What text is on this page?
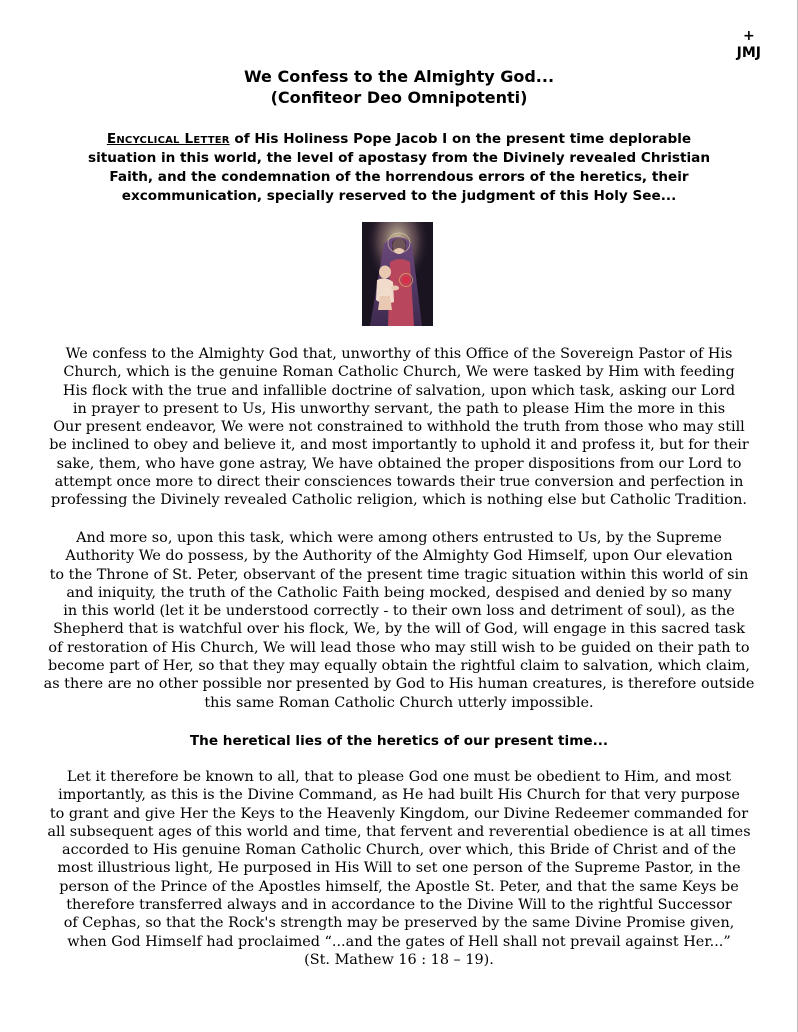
+
JMJ
We Confess to the Almighty God...
(Confiteor Deo Omnipotenti)
Encyclical Letter of His Holiness Pope Jacob I on the present time deplorable
situation in this world, the level of apostasy from the Divinely revealed Christian
Faith, and the condemnation of the horrendous errors of the heretics, their
excommunication, specially reserved to the judgment of this Holy See...
We confess to the Almighty God that, unworthy of this Office of the Sovereign Pastor of His
Church, which is the genuine Roman Catholic Church, We were tasked by Him with feeding
His flock with the true and infallible doctrine of salvation, upon which task, asking our Lord
in prayer to present to Us, His unworthy servant, the path to please Him the more in this
Our present endeavor, We were not constrained to withhold the truth from those who may still
be inclined to obey and believe it, and most importantly to uphold it and profess it, but for their
sake, them, who have gone astray, We have obtained the proper dispositions from our Lord to
attempt once more to direct their consciences towards their true conversion and perfection in
professing the Divinely revealed Catholic religion, which is nothing else but Catholic Tradition.
And more so, upon this task, which were among others entrusted to Us, by the Supreme
Authority We do possess, by the Authority of the Almighty God Himself, upon Our elevation
to the Throne of St. Peter, observant of the present time tragic situation within this world of sin
and iniquity, the truth of the Catholic Faith being mocked, despised and denied by so many
in this world (let it be understood correctly - to their own loss and detriment of soul), as the
Shepherd that is watchful over his flock, We, by the will of God, will engage in this sacred task
of restoration of His Church, We will lead those who may still wish to be guided on their path to
become part of Her, so that they may equally obtain the rightful claim to salvation, which claim,
as there are no other possible nor presented by God to His human creatures, is therefore outside
this same Roman Catholic Church utterly impossible.
The heretical lies of the heretics of our present time...
Let it therefore be known to all, that to please God one must be obedient to Him, and most
importantly, as this is the Divine Command, as He had built His Church for that very purpose
to grant and give Her the Keys to the Heavenly Kingdom, our Divine Redeemer commanded for
all subsequent ages of this world and time, that fervent and reverential obedience is at all times
accorded to His genuine Roman Catholic Church, over which, this Bride of Christ and of the
most illustrious light, He purposed in His Will to set one person of the Supreme Pastor, in the
person of the Prince of the Apostles himself, the Apostle St. Peter, and that the same Keys be
therefore transferred always and in accordance to the Divine Will to the rightful Successor
of Cephas, so that the Rock's strength may be preserved by the same Divine Promise given,
when God Himself had proclaimed “...and the gates of Hell shall not prevail against Her...”
(St. Mathew 16 : 18 – 19).
